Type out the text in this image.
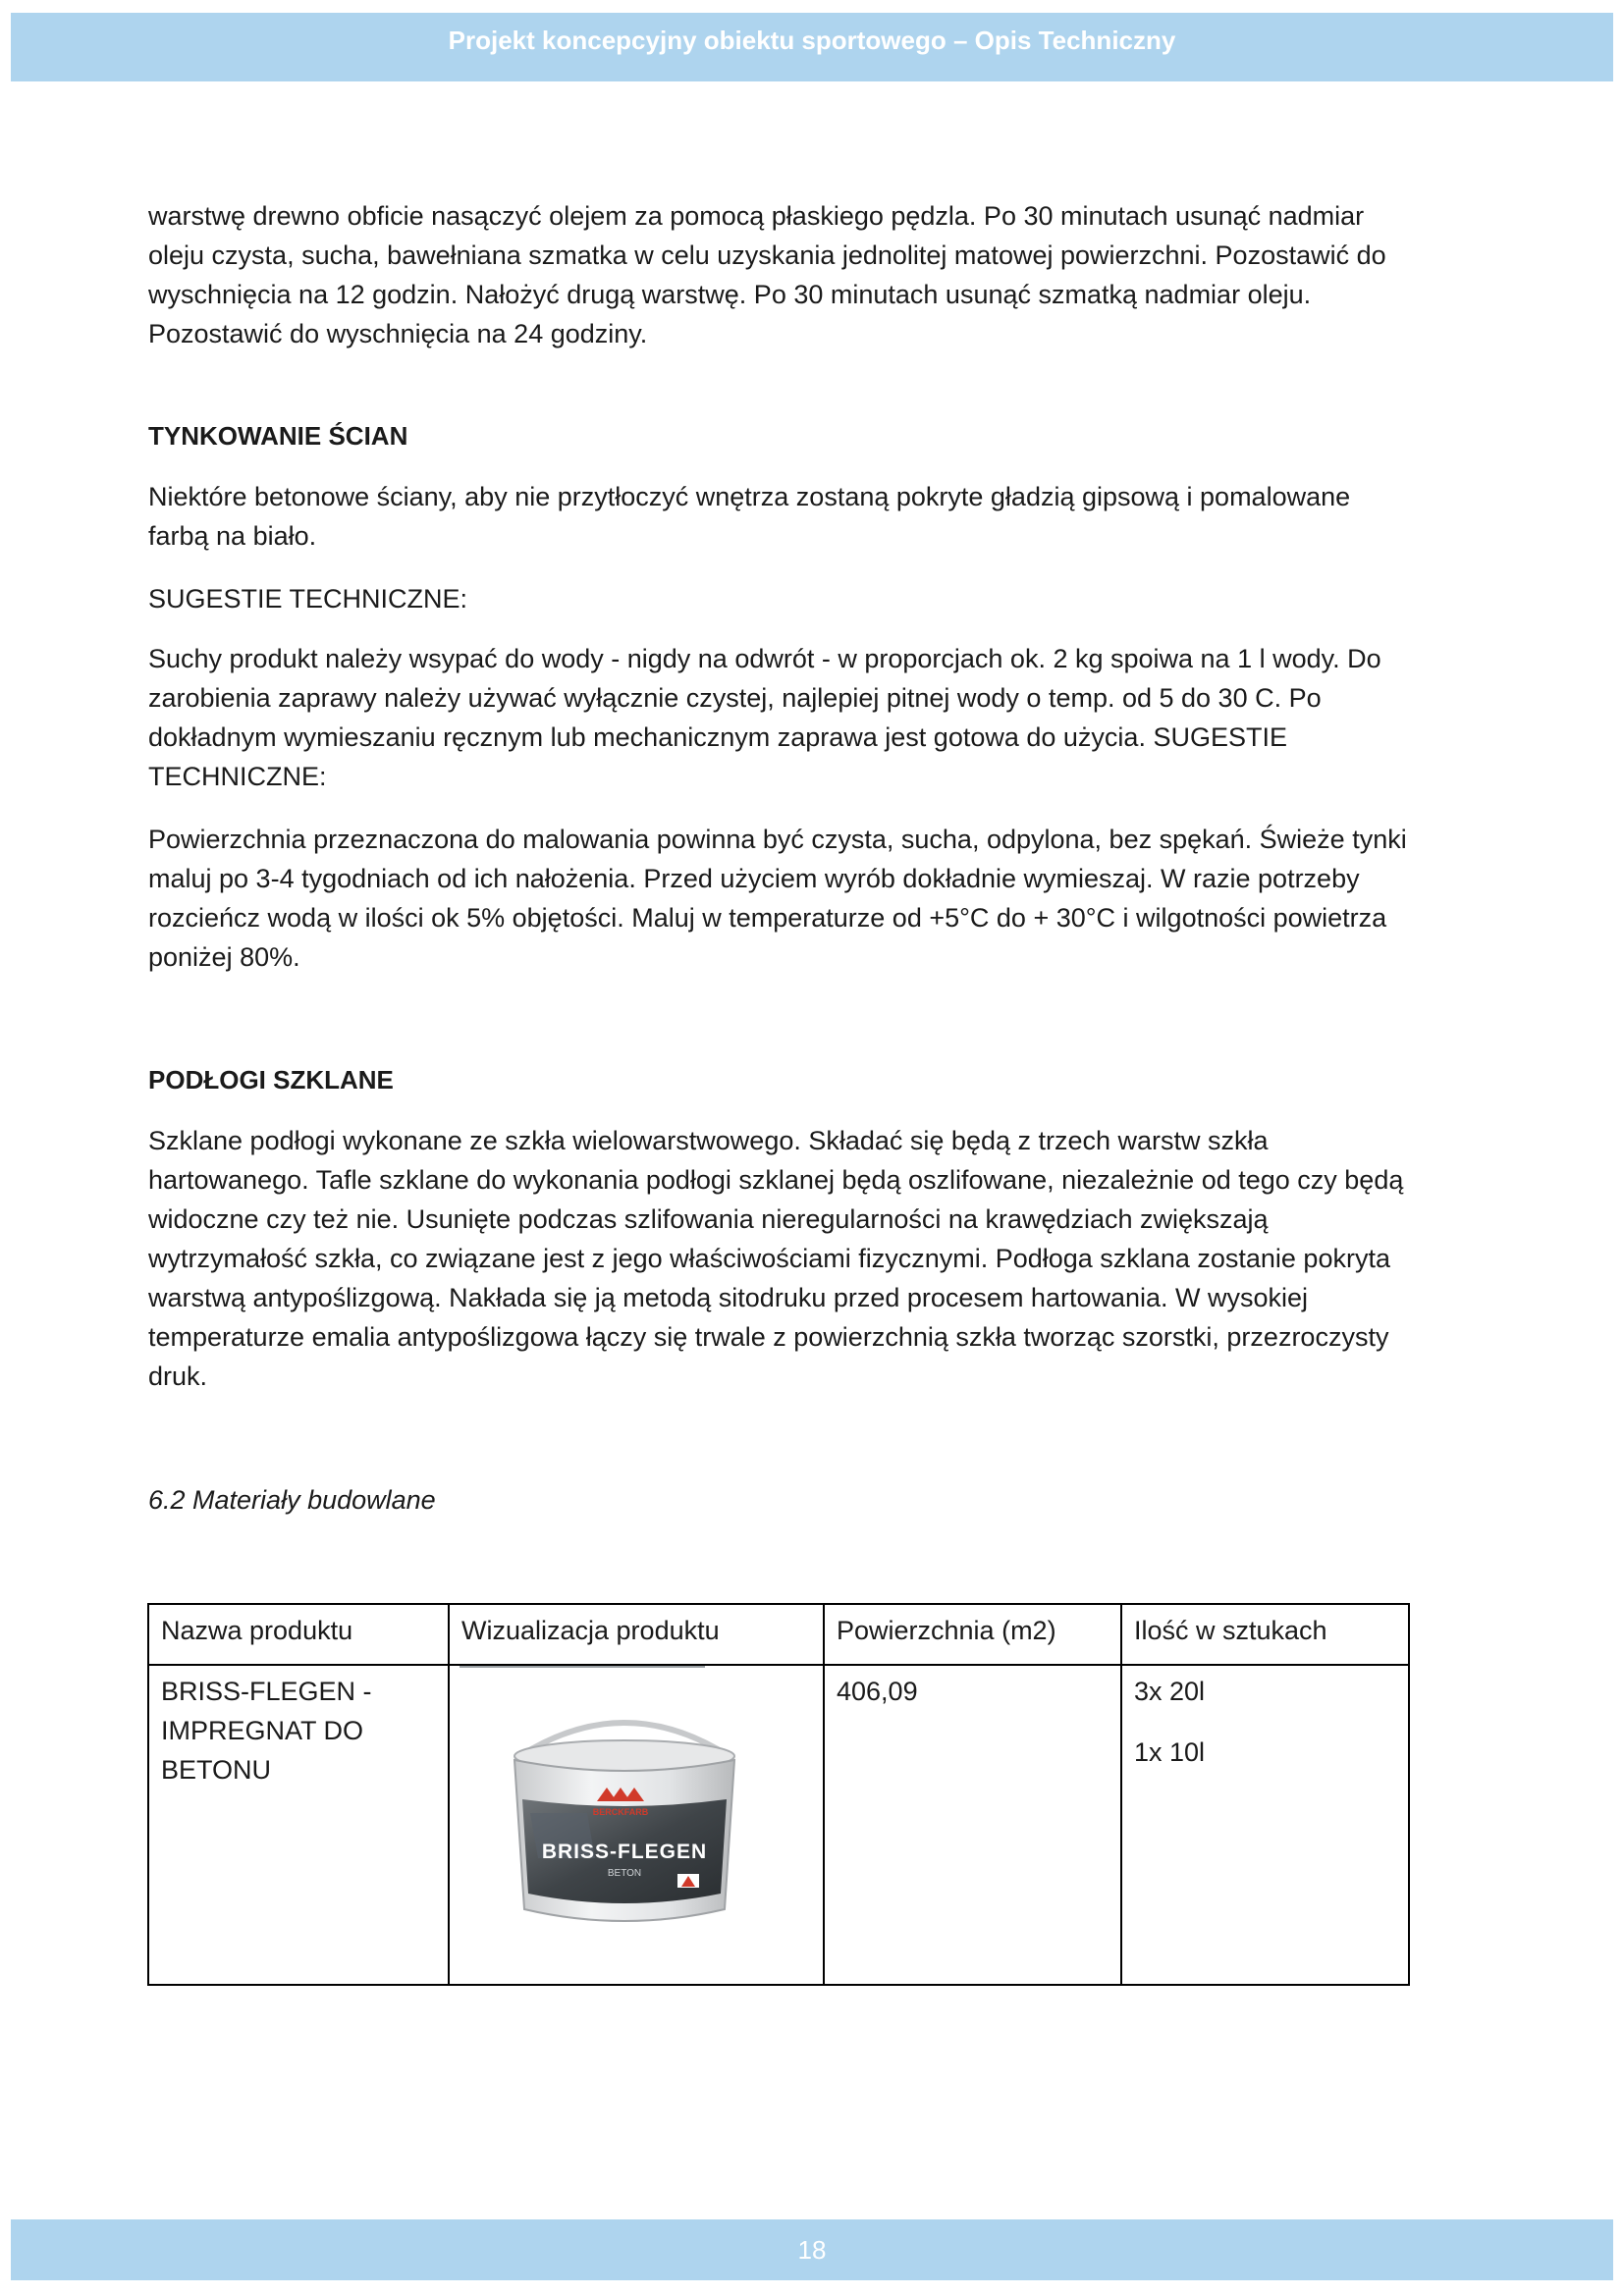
Projekt koncepcyjny obiektu sportowego – Opis Techniczny

warstwę drewno obficie nasączyć olejem za pomocą płaskiego pędzla. Po 30 minutach usunąć nadmiar

oleju czysta, sucha, bawełniana szmatka w celu uzyskania jednolitej matowej powierzchni. Pozostawić do

wyschnięcia na 12 godzin. Nałożyć drugą warstwę. Po 30 minutach usunąć szmatką nadmiar oleju.

Pozostawić do wyschnięcia na 24 godziny.

TYNKOWANIE ŚCIAN

Niektóre betonowe ściany, aby nie przytłoczyć wnętrza zostaną pokryte gładzią gipsową i pomalowane

farbą na biało.

SUGESTIE TECHNICZNE:

Suchy produkt należy wsypać do wody - nigdy na odwrót - w proporcjach ok. 2 kg spoiwa na 1 l wody. Do

zarobienia zaprawy należy używać wyłącznie czystej, najlepiej pitnej wody o temp. od 5 do 30 C. Po

dokładnym wymieszaniu ręcznym lub mechanicznym zaprawa jest gotowa do użycia. SUGESTIE

TECHNICZNE:

Powierzchnia przeznaczona do malowania powinna być czysta, sucha, odpylona, bez spękań. Świeże tynki

maluj po 3-4 tygodniach od ich nałożenia. Przed użyciem wyrób dokładnie wymieszaj. W razie potrzeby

rozcieńcz wodą w ilości ok 5% objętości. Maluj w temperaturze od +5°C do + 30°C i wilgotności powietrza

poniżej 80%.

PODŁOGI SZKLANE

Szklane podłogi wykonane ze szkła wielowarstwowego. Składać się będą z trzech warstw szkła

hartowanego. Tafle szklane do wykonania podłogi szklanej będą oszlifowane, niezależnie od tego czy będą

widoczne czy też nie. Usunięte podczas szlifowania nieregularności na krawędziach zwiększają

wytrzymałość szkła, co związane jest z jego właściwościami fizycznymi. Podłoga szklana zostanie pokryta

warstwą antypoślizgową. Nakłada się ją metodą sitodruku przed procesem hartowania. W wysokiej

temperaturze emalia antypoślizgowa łączy się trwale z powierzchnią szkła tworząc szorstki, przezroczysty

druk.

6.2 Materiały budowlane

Nazwa produktu	Wizualizacja produktu	Powierzchnia (m2)	Ilość w sztukach

BRISS-FLEGEN -
IMPREGNAT DO
BETONU	BERCKFARB
BRISS-FLEGEN
BETON	406,09	3x 20l
1x 10l
18
